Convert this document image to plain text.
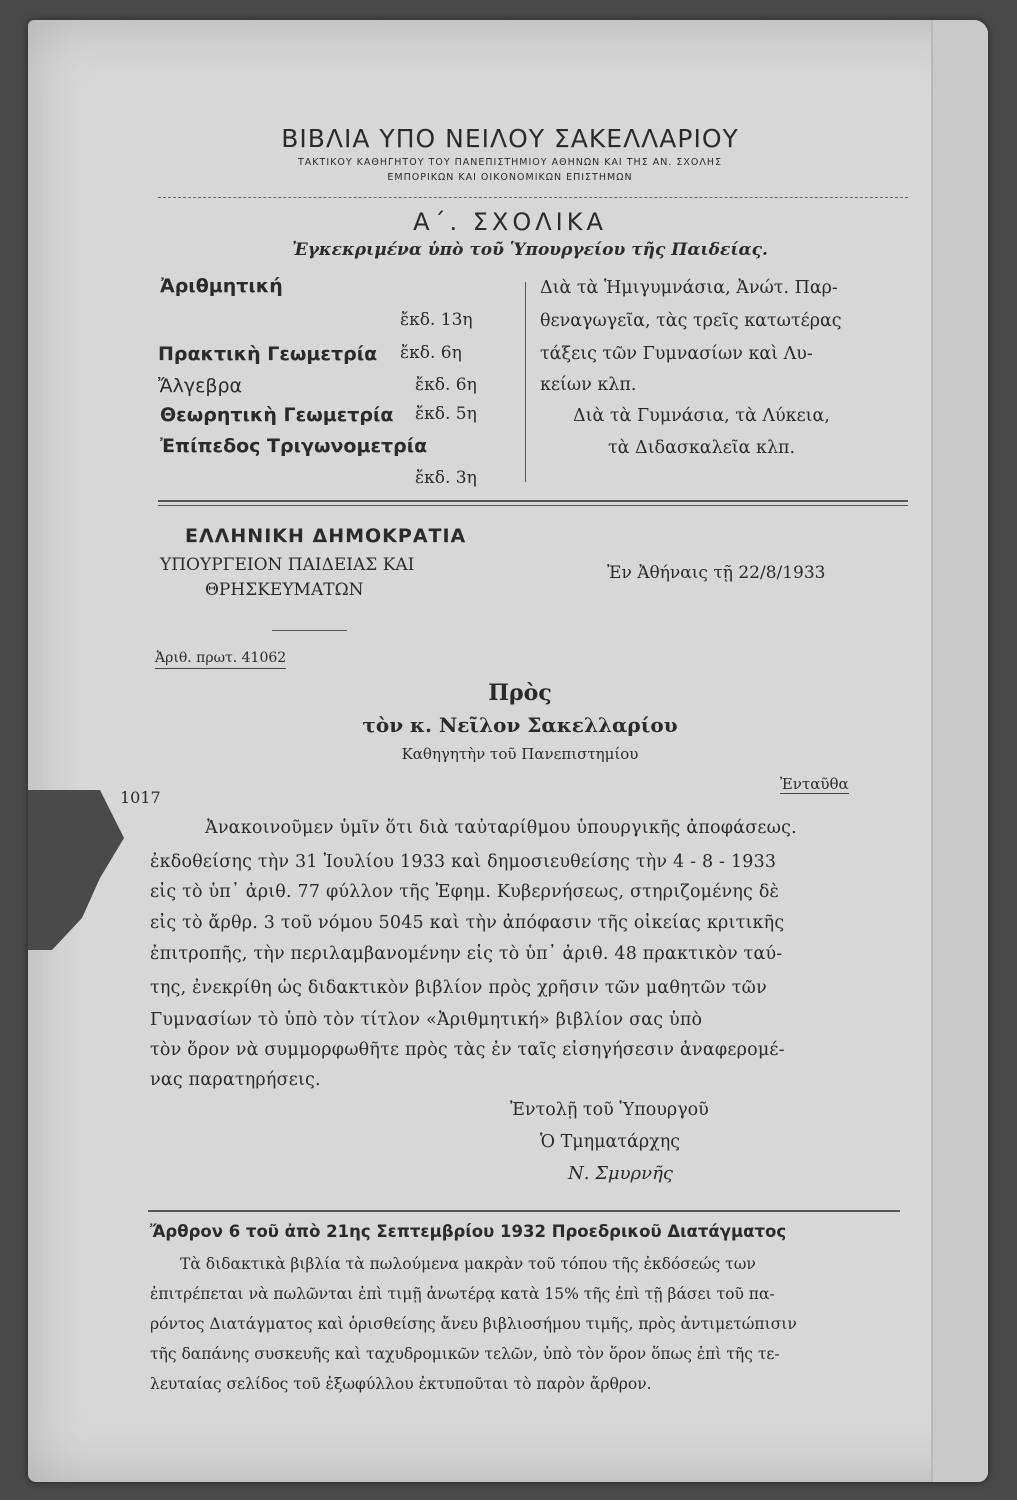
ΒΙΒΛΙΑ ΥΠΟ ΝΕΙΛΟΥ ΣΑΚΕΛΛΑΡΙΟΥ
ΤΑΚΤΙΚΟΥ ΚΑΘΗΓΗΤΟΥ ΤΟΥ ΠΑΝΕΠΙΣΤΗΜΙΟΥ ΑΘΗΝΩΝ ΚΑΙ ΤΗΣ ΑΝ. ΣΧΟΛΗΣ
ΕΜΠΟΡΙΚΩΝ ΚΑΙ ΟΙΚΟΝΟΜΙΚΩΝ ΕΠΙΣΤΗΜΩΝ
Α΄. ΣΧΟΛΙΚΑ
Ἐγκεκριμένα ὑπὸ τοῦ Ὑπουργείου τῆς Παιδείας.
Ἀριθμητική
ἔκδ. 13η
Πρακτικὴ Γεωμετρία ἔκδ. 6η
Ἄλγεβρα	ἔκδ. 6η
Θεωρητικὴ Γεωμετρία ἔκδ. 5η
Ἐπίπεδος Τριγωνομετρία
ἔκδ. 3η
Διὰ τὰ Ἡμιγυμνάσια, Ἀνώτ. Παρ-
θεναγωγεῖα, τὰς τρεῖς κατωτέρας
τάξεις τῶν Γυμνασίων καὶ Λυ-
κείων κλπ.
Διὰ τὰ Γυμνάσια, τὰ Λύκεια,
τὰ Διδασκαλεῖα κλπ.
ΕΛΛΗΝΙΚΗ ΔΗΜΟΚΡΑΤΙΑ
ΥΠΟΥΡΓΕΙΟΝ ΠΑΙΔΕΙΑΣ ΚΑΙ
ΘΡΗΣΚΕΥΜΑΤΩΝ
Ἐν Ἀθήναις τῇ 22/8/1933
Ἀριθ. πρωτ. 41062
Πρὸς
τὸν κ. Νεῖλον Σακελλαρίου
Καθηγητὴν τοῦ Πανεπιστημίου
Ἐνταῦθα
1017
Ἀνακοινοῦμεν ὑμῖν ὅτι διὰ ταὐταρίθμου ὑπουργικῆς ἀποφάσεως.
ἐκδοθείσης τὴν 31 Ἰουλίου 1933 καὶ δημοσιευθείσης τὴν 4 - 8 - 1933
εἰς τὸ ὑπ᾽ ἀριθ. 77 φύλλον τῆς Ἐφημ. Κυβερνήσεως, στηριζομένης δὲ
εἰς τὸ ἄρθρ. 3 τοῦ νόμου 5045 καὶ τὴν ἀπόφασιν τῆς οἰκείας κριτικῆς
ἐπιτροπῆς, τὴν περιλαμβανομένην εἰς τὸ ὑπ᾽ ἀριθ. 48 πρακτικὸν ταύ-
της, ἐνεκρίθη ὡς διδακτικὸν βιβλίον πρὸς χρῆσιν τῶν μαθητῶν τῶν
Γυμνασίων τὸ ὑπὸ τὸν τίτλον «Ἀριθμητική» βιβλίον σας ὑπὸ
τὸν ὅρον νὰ συμμορφωθῆτε πρὸς τὰς ἐν ταῖς εἰσηγήσεσιν ἀναφερομέ-
νας παρατηρήσεις.
Ἐντολῇ τοῦ Ὑπουργοῦ
Ὁ Τμηματάρχης
Ν. Σμυρνῆς
Ἄρθρον 6 τοῦ ἀπὸ 21ης Σεπτεμβρίου 1932 Προεδρικοῦ Διατάγματος
Τὰ διδακτικὰ βιβλία τὰ πωλούμενα μακρὰν τοῦ τόπου τῆς ἐκδόσεώς των
ἐπιτρέπεται νὰ πωλῶνται ἐπὶ τιμῇ ἀνωτέρᾳ κατὰ 15% τῆς ἐπὶ τῇ βάσει τοῦ πα-
ρόντος Διατάγματος καὶ ὁρισθείσης ἄνευ βιβλιοσήμου τιμῆς, πρὸς ἀντιμετώπισιν
τῆς δαπάνης συσκευῆς καὶ ταχυδρομικῶν τελῶν, ὑπὸ τὸν ὅρον ὅπως ἐπὶ τῆς τε-
λευταίας σελίδος τοῦ ἐξωφύλλου ἐκτυποῦται τὸ παρὸν ἄρθρον.
